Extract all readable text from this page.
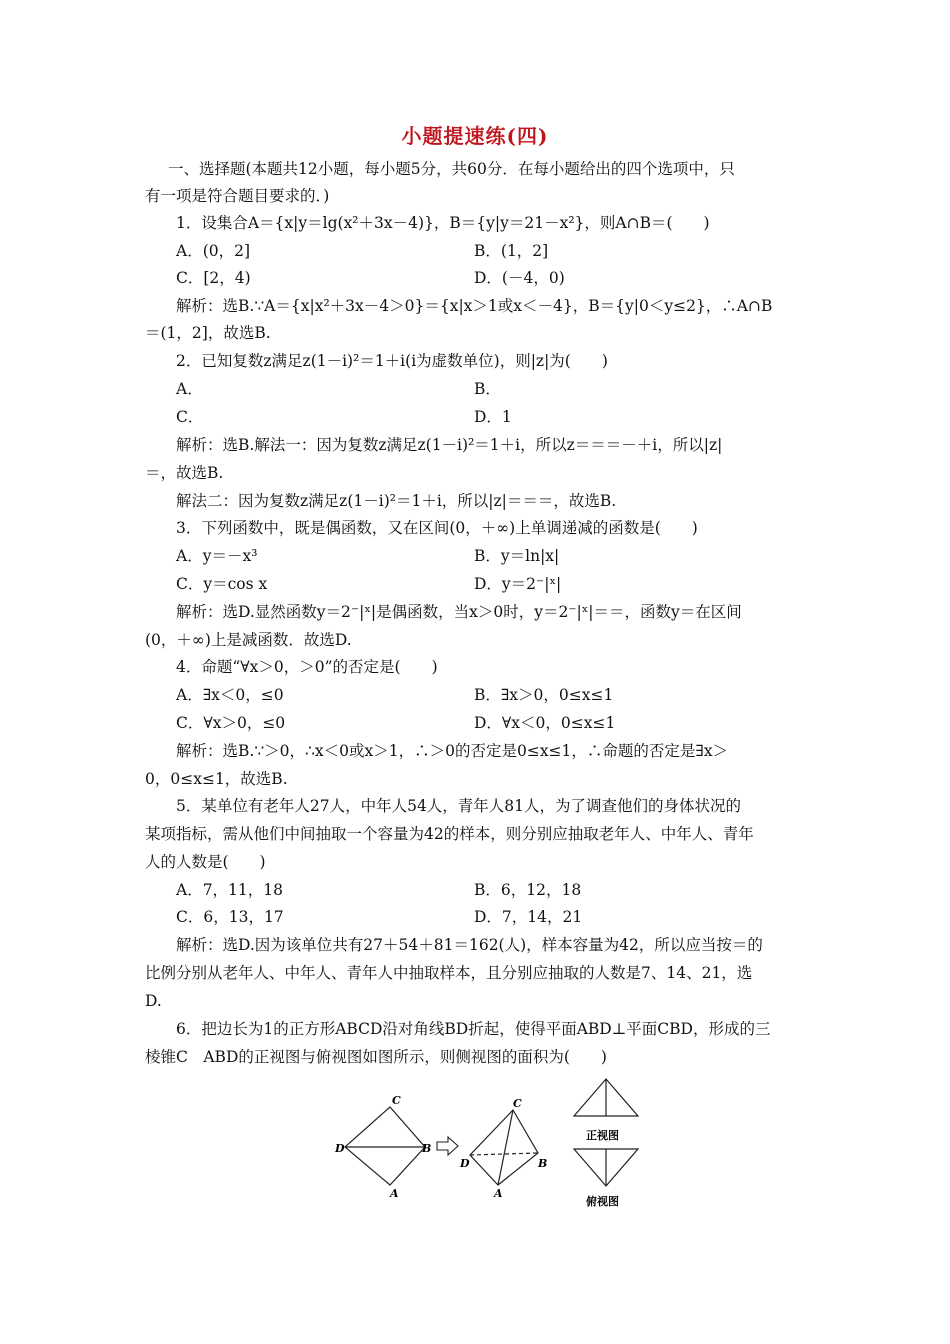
小题提速练(四)
一、选择题(本题共12小题，每小题5分，共60分．在每小题给出的四个选项中，只
有一项是符合题目要求的．)
1．设集合A＝{x|y＝lg(x²＋3x－4)}，B＝{y|y＝21－x²}，则A∩B＝(　　)
A．(0，2]	B．(1，2]
C．[2，4)	D．(－4，0)
解析：选B.∵A＝{x|x²＋3x－4＞0}＝{x|x＞1或x＜－4}，B＝{y|0＜y≤2}，∴A∩B
＝(1，2]，故选B.
2．已知复数z满足z(1－i)²＝1＋i(i为虚数单位)，则|z|为(　　)
A．	B．
C．	D．1
解析：选B.解法一：因为复数z满足z(1－i)²＝1＋i，所以z＝＝＝－＋i，所以|z|
＝，故选B.
解法二：因为复数z满足z(1－i)²＝1＋i，所以|z|＝＝＝，故选B.
3．下列函数中，既是偶函数，又在区间(0，＋∞)上单调递减的函数是(　　)
A．y＝－x³	B．y＝ln|x|
C．y＝cos x	D．y＝2⁻|ˣ|
解析：选D.显然函数y＝2⁻|ˣ|是偶函数，当x＞0时，y＝2⁻|ˣ|＝＝，函数y＝在区间
(0，＋∞)上是减函数．故选D.
4．命题“∀x＞0，＞0”的否定是(　　)
A．∃x＜0，≤0	B．∃x＞0，0≤x≤1
C．∀x＞0，≤0	D．∀x＜0，0≤x≤1
解析：选B.∵＞0，∴x＜0或x＞1，∴＞0的否定是0≤x≤1，∴命题的否定是∃x＞
0，0≤x≤1，故选B.
5．某单位有老年人27人，中年人54人，青年人81人，为了调查他们的身体状况的
某项指标，需从他们中间抽取一个容量为42的样本，则分别应抽取老年人、中年人、青年
人的人数是(　　)
A．7，11，18	B．6，12，18
C．6，13，17	D．7，14，21
解析：选D.因为该单位共有27＋54＋81＝162(人)，样本容量为42，所以应当按＝的
比例分别从老年人、中年人、青年人中抽取样本，且分别应抽取的人数是7、14、21，选
D.
6．把边长为1的正方形ABCD沿对角线BD折起，使得平面ABD⊥平面CBD，形成的三
棱锥C　ABD的正视图与俯视图如图所示，则侧视图的面积为(　　)
C
D	B
A
C
D	B
A
正视图
俯视图
